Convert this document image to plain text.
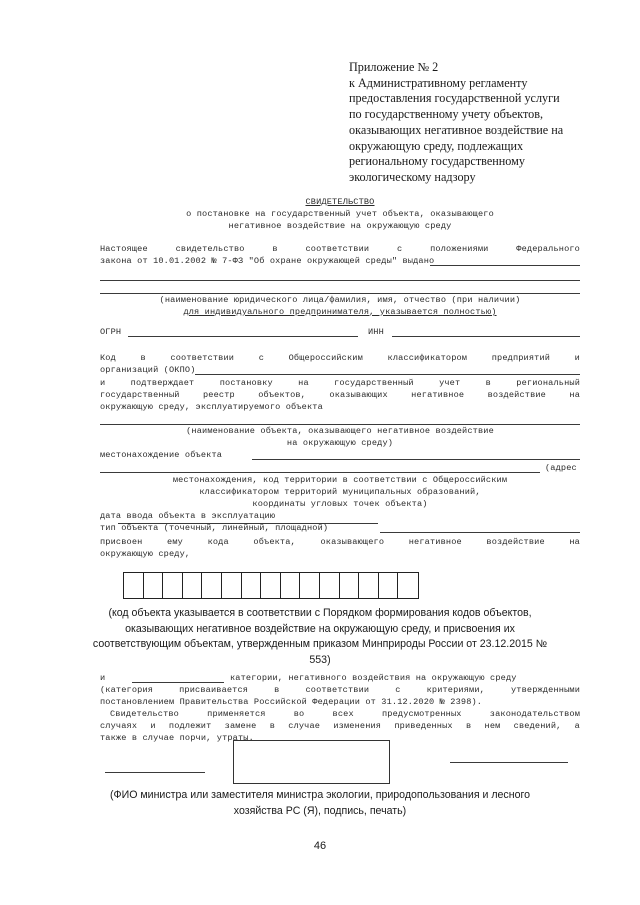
Приложение № 2
к Административному регламенту
предоставления государственной услуги
по государственному учету объектов,
оказывающих негативное воздействие на
окружающую среду, подлежащих
региональному государственному
экологическому надзору
СВИДЕТЕЛЬСТВО
о постановке на государственный учет объекта, оказывающего
негативное воздействие на окружающую среду
Настоящее свидетельство в соответствии с положениями Федерального
закона от 10.01.2002 № 7-ФЗ "Об охране окружающей среды" выдано
(наименование юридического лица/фамилия, имя, отчество (при наличии)
для индивидуального предпринимателя, указывается полностью)
ОГРН	ИНН
Код в соответствии с Общероссийским классификатором предприятий и
организаций (ОКПО)
и подтверждает постановку на государственный учет в региональный
государственный реестр объектов, оказывающих негативное воздействие на
окружающую среду, эксплуатируемого объекта
(наименование объекта, оказывающего негативное воздействие
на окружающую среду)
местонахождение объекта
(адрес
местонахождения, код территории в соответствии с Общероссийским
классификатором территорий муниципальных образований,
координаты угловых точек объекта)
дата ввода объекта в эксплуатацию
тип объекта (точечный, линейный, площадной)
присвоен ему кода объекта, оказывающего негативное воздействие на
окружающую среду,
(код объекта указывается в соответствии с Порядком формирования кодов объектов,
оказывающих негативное воздействие на окружающую среду, и присвоения их
соответствующим объектам, утвержденным приказом Минприроды России от 23.12.2015 №
553)
и	категории, негативного воздействия на окружающую среду
(категория присваивается в соответствии с критериями, утвержденными
постановлением Правительства Российской Федерации от 31.12.2020 № 2398).
Свидетельство применяется во всех предусмотренных законодательством
случаях и подлежит замене в случае изменения приведенных в нем сведений, а
также в случае порчи, утраты.
(ФИО министра или заместителя министра экологии, природопользования и лесного
хозяйства РС (Я), подпись, печать)
46
